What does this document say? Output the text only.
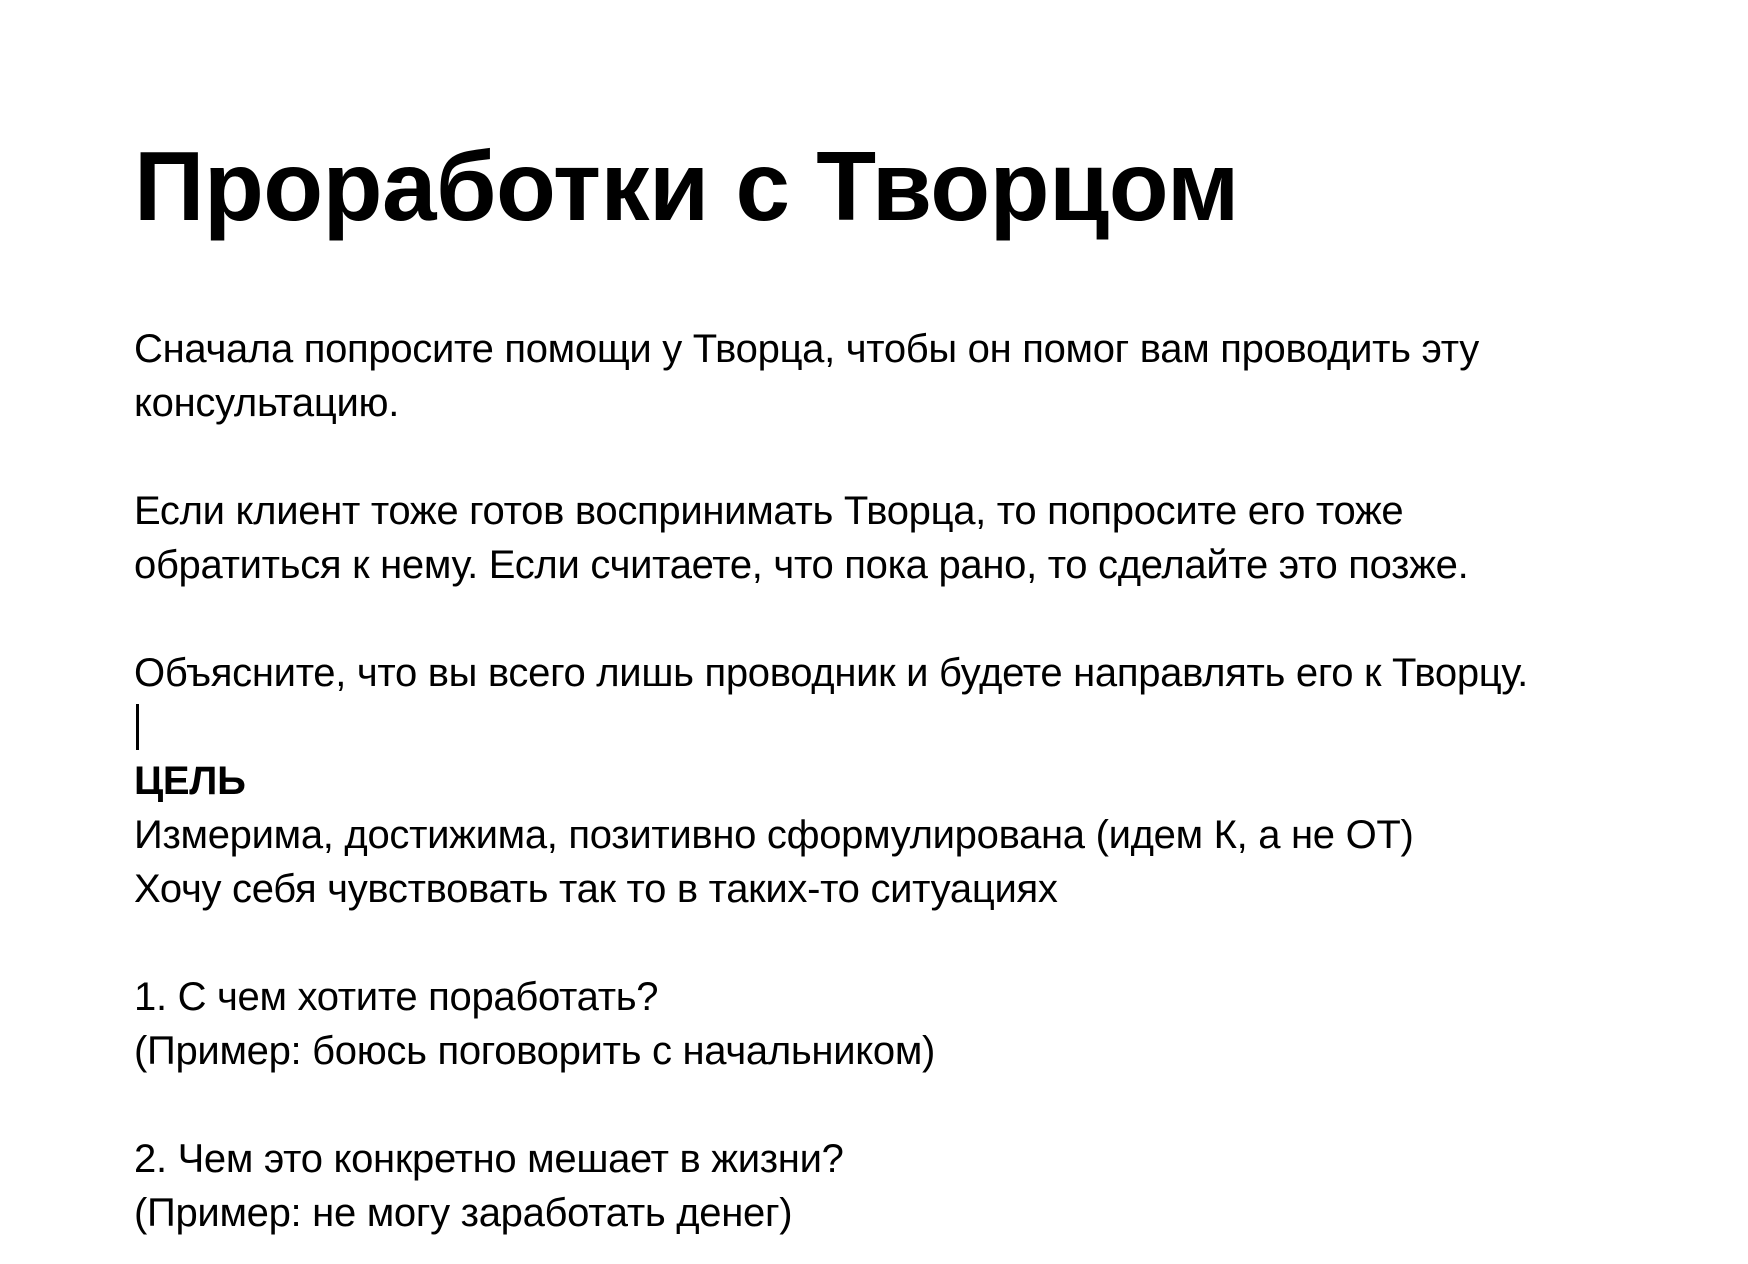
Проработки с Творцом

Сначала попросите помощи у Творца, чтобы он помог вам проводить эту
консультацию.

Если клиент тоже готов воспринимать Творца, то попросите его тоже
обратиться к нему. Если считаете, что пока рано, то сделайте это позже.

Объясните, что вы всего лишь проводник и будете направлять его к Творцу.

ЦЕЛЬ
Измерима, достижима, позитивно сформулирована (идем К, а не ОТ)
Хочу себя чувствовать так то в таких-то ситуациях

1. С чем хотите поработать?
(Пример: боюсь поговорить с начальником)

2. Чем это конкретно мешает в жизни?
(Пример: не могу заработать денег)
